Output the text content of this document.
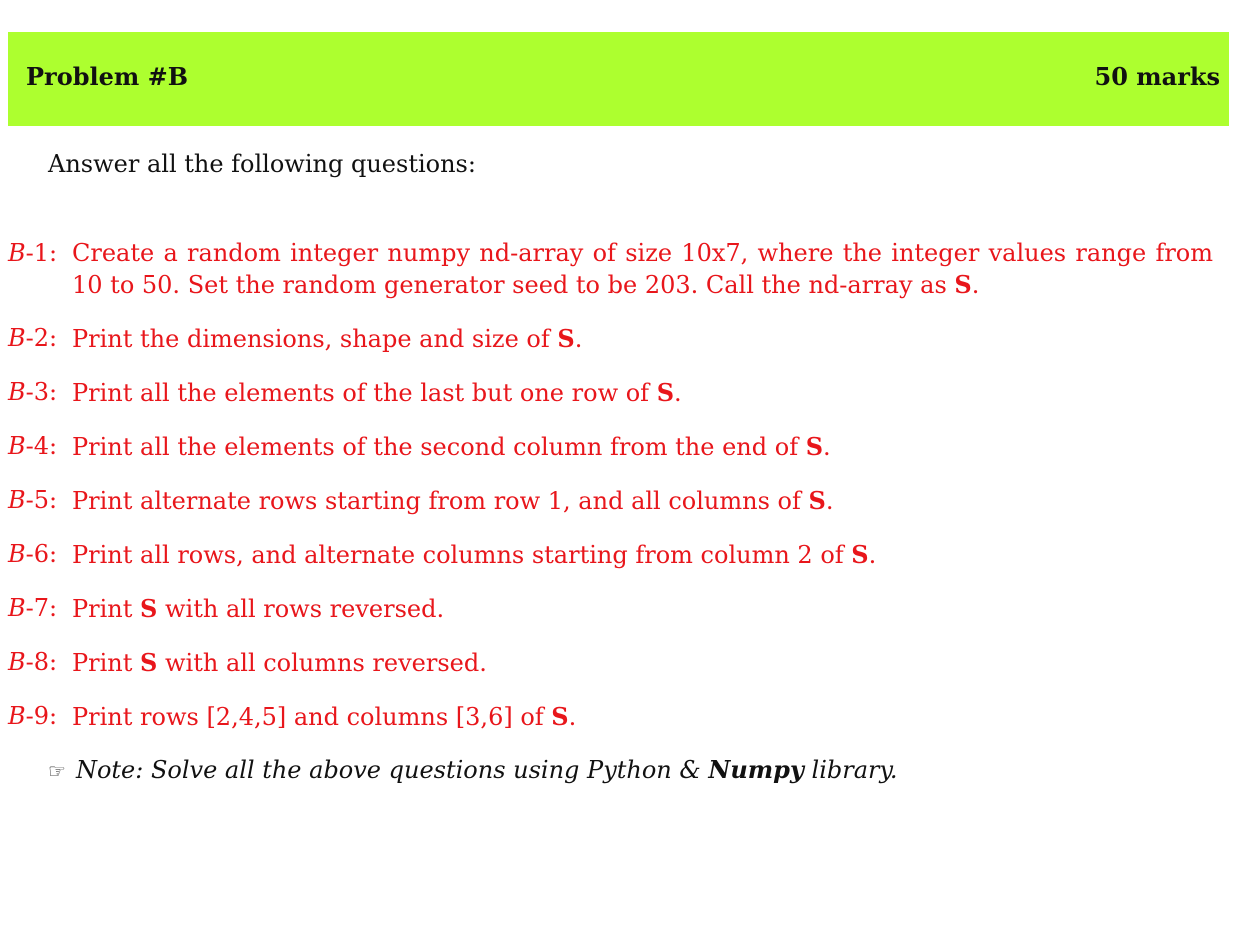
Problem #B	50 marks
Answer all the following questions:
B-1: Create a random integer numpy nd-array of size 10x7, where the integer values range from 10 to 50. Set the random generator seed to be 203. Call the nd-array as S.
B-2: Print the dimensions, shape and size of S.
B-3: Print all the elements of the last but one row of S.
B-4: Print all the elements of the second column from the end of S.
B-5: Print alternate rows starting from row 1, and all columns of S.
B-6: Print all rows, and alternate columns starting from column 2 of S.
B-7: Print S with all rows reversed.
B-8: Print S with all columns reversed.
B-9: Print rows [2,4,5] and columns [3,6] of S.
☞ Note: Solve all the above questions using Python & Numpy library.
